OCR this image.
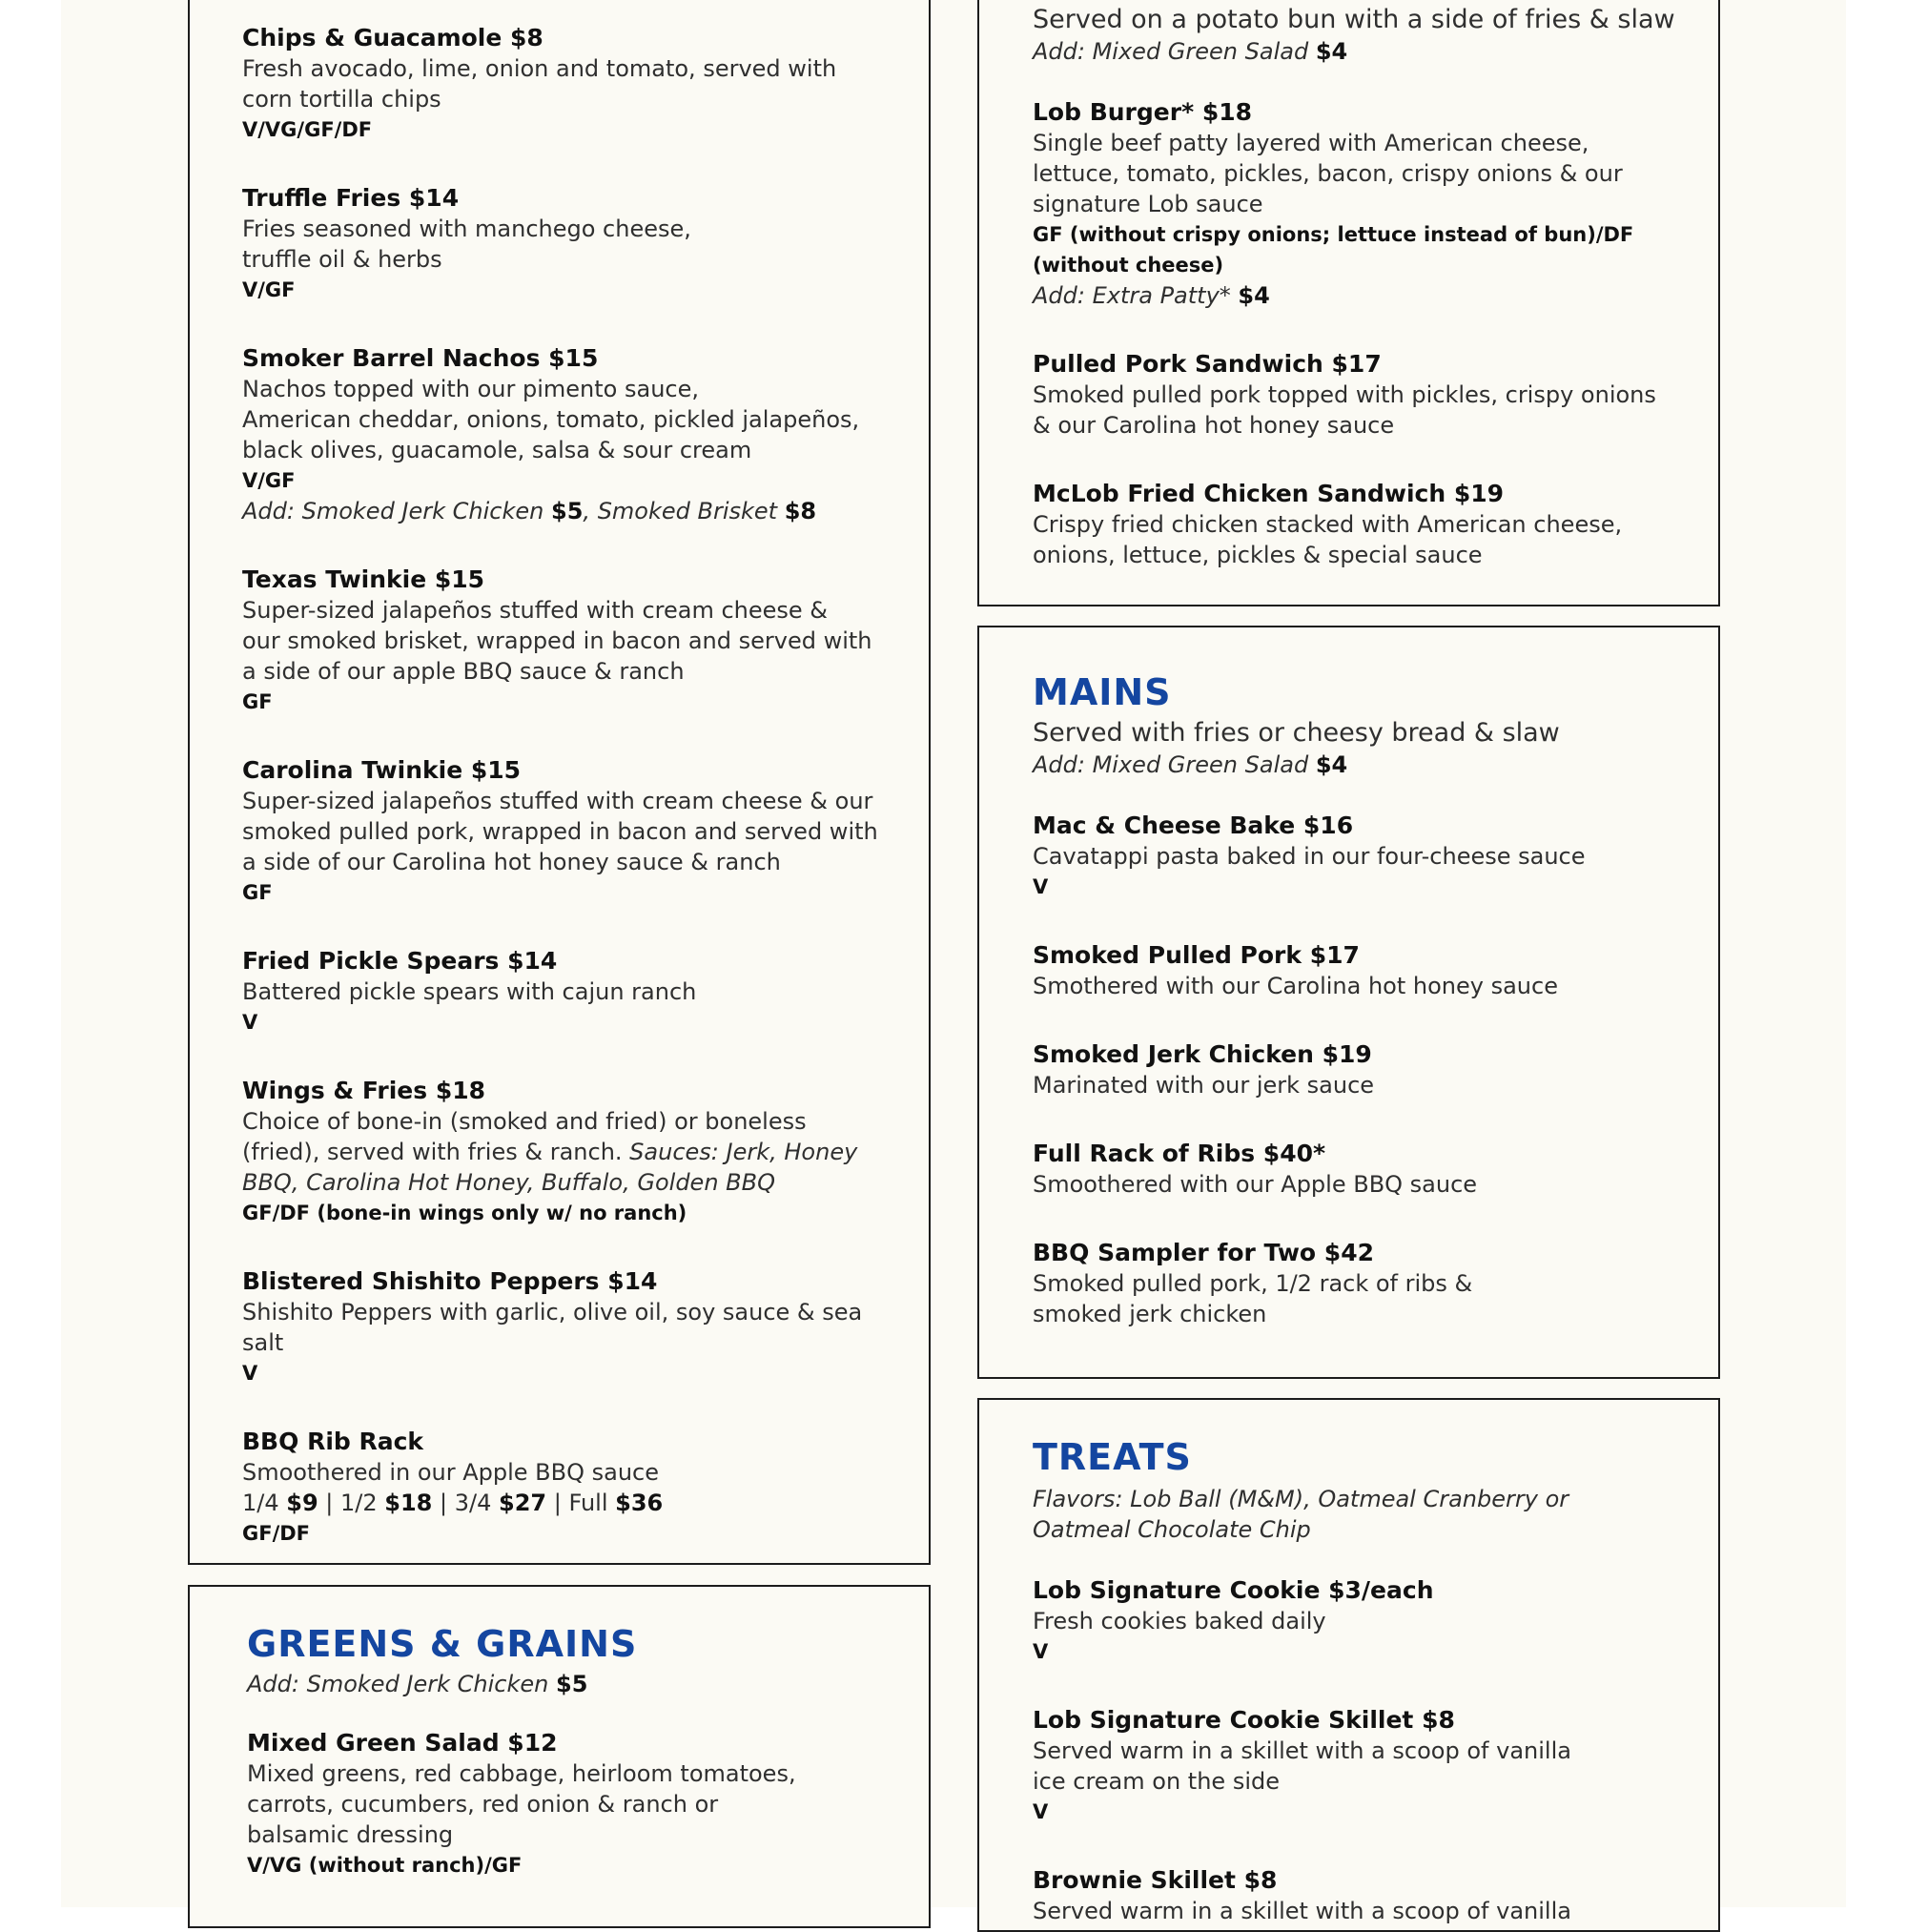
Chips & Guacamole $8
Fresh avocado, lime, onion and tomato, served with corn tortilla chips
V/VG/GF/DF
Truffle Fries $14
Fries seasoned with manchego cheese,
truffle oil & herbs
V/GF
Smoker Barrel Nachos $15
Nachos topped with our pimento sauce,
American cheddar, onions, tomato, pickled jalapeños,
black olives, guacamole, salsa & sour cream
V/GF
Add: Smoked Jerk Chicken $5, Smoked Brisket $8
Texas Twinkie $15
Super-sized jalapeños stuffed with cream cheese &
our smoked brisket, wrapped in bacon and served with
a side of our apple BBQ sauce & ranch
GF
Carolina Twinkie $15
Super-sized jalapeños stuffed with cream cheese & our
smoked pulled pork, wrapped in bacon and served with
a side of our Carolina hot honey sauce & ranch
GF
Fried Pickle Spears $14
Battered pickle spears with cajun ranch
V
Wings & Fries $18
Choice of bone-in (smoked and fried) or boneless (fried), served with fries & ranch. Sauces: Jerk, Honey BBQ, Carolina Hot Honey, Buffalo, Golden BBQ
GF/DF (bone-in wings only w/ no ranch)
Blistered Shishito Peppers $14
Shishito Peppers with garlic, olive oil, soy sauce & sea salt
V
BBQ Rib Rack
Smoothered in our Apple BBQ sauce
1/4 $9 | 1/2 $18 | 3/4 $27 | Full $36
GF/DF
GREENS & GRAINS
Add: Smoked Jerk Chicken $5
Mixed Green Salad $12
Mixed greens, red cabbage, heirloom tomatoes,
carrots, cucumbers, red onion & ranch or
balsamic dressing
V/VG (without ranch)/GF
Served on a potato bun with a side of fries & slaw
Add: Mixed Green Salad $4
Lob Burger* $18
Single beef patty layered with American cheese,
lettuce, tomato, pickles, bacon, crispy onions & our
signature Lob sauce
GF (without crispy onions; lettuce instead of bun)/DF (without cheese)
Add: Extra Patty* $4
Pulled Pork Sandwich $17
Smoked pulled pork topped with pickles, crispy onions
& our Carolina hot honey sauce
McLob Fried Chicken Sandwich $19
Crispy fried chicken stacked with American cheese,
onions, lettuce, pickles & special sauce
MAINS
Served with fries or cheesy bread & slaw
Add: Mixed Green Salad $4
Mac & Cheese Bake $16
Cavatappi pasta baked in our four-cheese sauce
V
Smoked Pulled Pork $17
Smothered with our Carolina hot honey sauce
Smoked Jerk Chicken $19
Marinated with our jerk sauce
Full Rack of Ribs $40*
Smoothered with our Apple BBQ sauce
BBQ Sampler for Two $42
Smoked pulled pork, 1/2 rack of ribs &
smoked jerk chicken
TREATS
Flavors: Lob Ball (M&M), Oatmeal Cranberry or
Oatmeal Chocolate Chip
Lob Signature Cookie $3/each
Fresh cookies baked daily
V
Lob Signature Cookie Skillet $8
Served warm in a skillet with a scoop of vanilla
ice cream on the side
V
Brownie Skillet $8
Served warm in a skillet with a scoop of vanilla
